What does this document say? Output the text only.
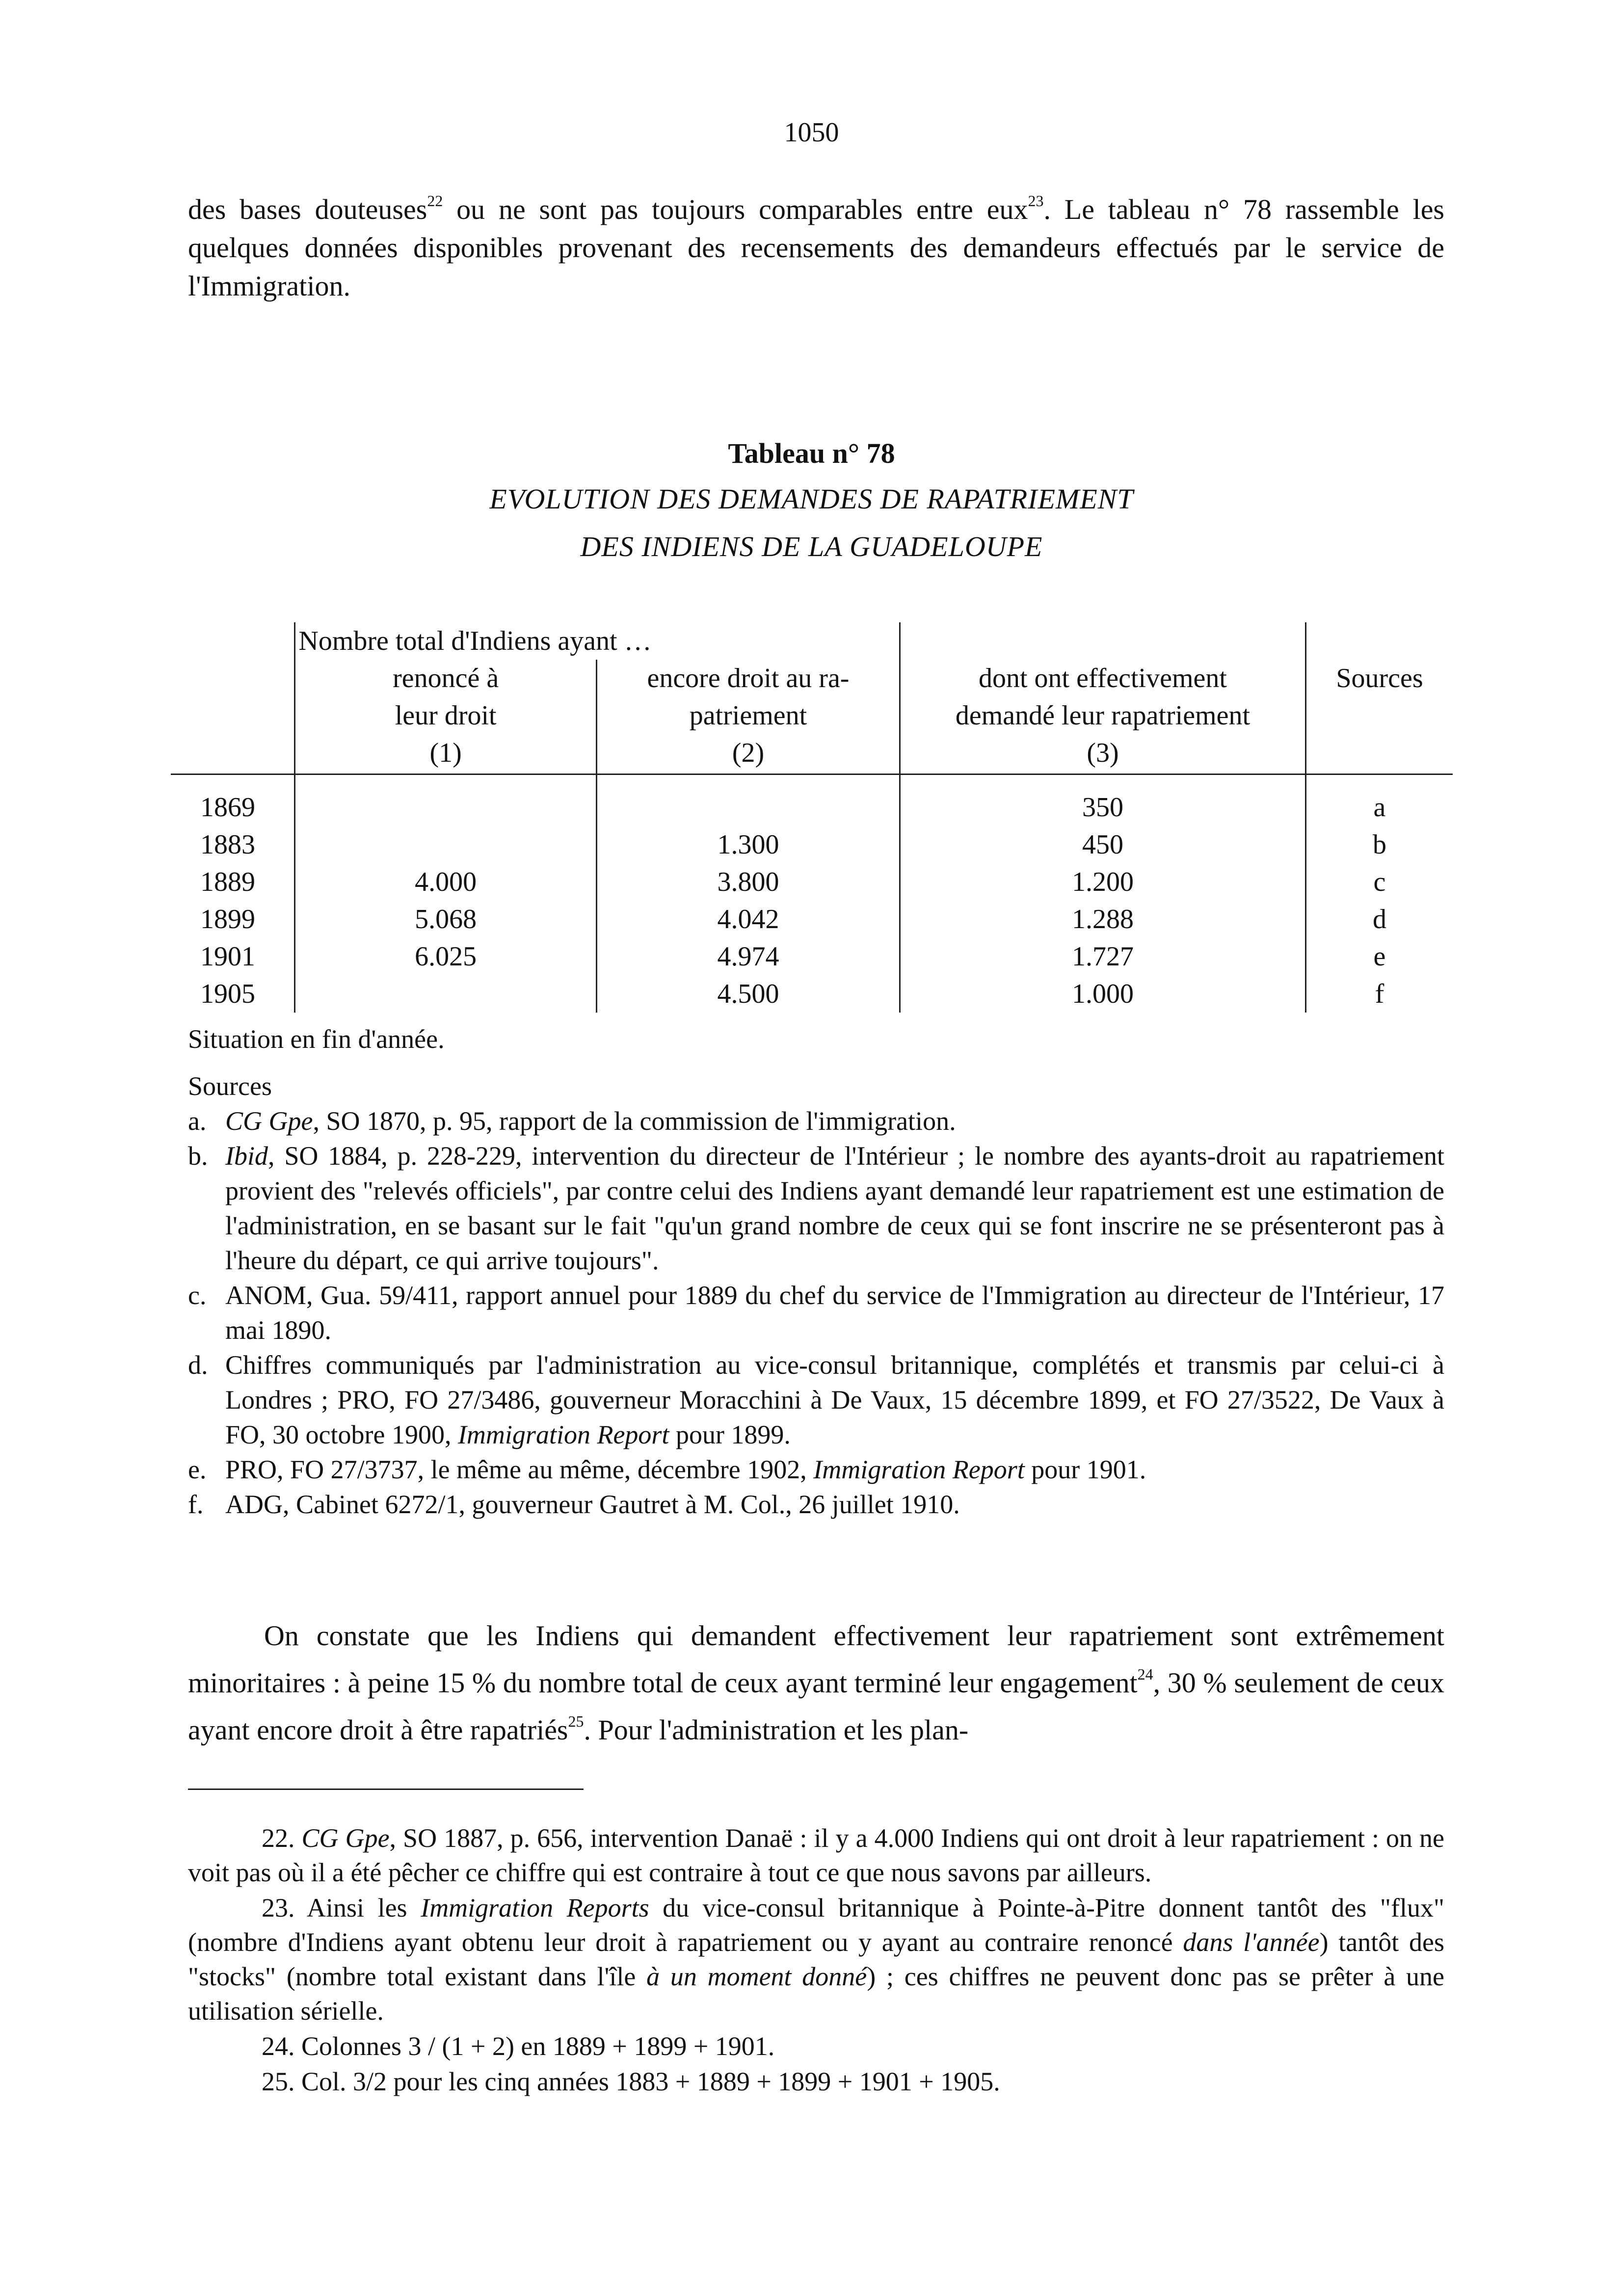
1050

des bases douteuses$^{22}$ ou ne sont pas toujours comparables entre eux$^{23}$. Le tableau n° 78 rassemble les quelques données disponibles provenant des recensements des demandeurs effectués par le service de l'Immigration.

Tableau n° 78
EVOLUTION DES DEMANDES DE RAPATRIEMENT
DES INDIENS DE LA GUADELOUPE
	Nombre total d'Indiens ayant …			
	renoncé à	encore droit au ra-	dont ont effectivement	Sources
	leur droit	patriement	demandé leur rapatriement	
	(1)	(2)	(3)	
1869			350	a
1883		1.300	450	b
1889	4.000	3.800	1.200	c
1899	5.068	4.042	1.288	d
1901	6.025	4.974	1.727	e
1905		4.500	1.000	f
Situation en fin d'année.

Sources

a. CG Gpe, SO 1870, p. 95, rapport de la commission de l'immigration.
b. Ibid, SO 1884, p. 228-229, intervention du directeur de l'Intérieur ; le nombre des ayants-droit au rapatriement provient des "relevés officiels", par contre celui des Indiens ayant demandé leur rapatriement est une estimation de l'administration, en se basant sur le fait "qu'un grand nombre de ceux qui se font inscrire ne se présenteront pas à l'heure du départ, ce qui arrive toujours".
c. ANOM, Gua. 59/411, rapport annuel pour 1889 du chef du service de l'Immigration au directeur de l'Intérieur, 17 mai 1890.
d. Chiffres communiqués par l'administration au vice-consul britannique, complétés et transmis par celui-ci à Londres ; PRO, FO 27/3486, gouverneur Moracchini à De Vaux, 15 décembre 1899, et FO 27/3522, De Vaux à FO, 30 octobre 1900, Immigration Report pour 1899.
e. PRO, FO 27/3737, le même au même, décembre 1902, Immigration Report pour 1901.
f. ADG, Cabinet 6272/1, gouverneur Gautret à M. Col., 26 juillet 1910.

On constate que les Indiens qui demandent effectivement leur rapatriement sont extrêmement minoritaires : à peine 15 % du nombre total de ceux ayant terminé leur engagement$^{24}$, 30 % seulement de ceux ayant encore droit à être rapatriés$^{25}$. Pour l'administration et les plan-

22. CG Gpe, SO 1887, p. 656, intervention Danaë : il y a 4.000 Indiens qui ont droit à leur rapatriement : on ne voit pas où il a été pêcher ce chiffre qui est contraire à tout ce que nous savons par ailleurs.

23. Ainsi les Immigration Reports du vice-consul britannique à Pointe-à-Pitre donnent tantôt des "flux" (nombre d'Indiens ayant obtenu leur droit à rapatriement ou y ayant au contraire renoncé dans l'année) tantôt des "stocks" (nombre total existant dans l'île à un moment donné) ; ces chiffres ne peuvent donc pas se prêter à une utilisation sérielle.

24. Colonnes 3 / (1 + 2) en 1889 + 1899 + 1901.

25. Col. 3/2 pour les cinq années 1883 + 1889 + 1899 + 1901 + 1905.
